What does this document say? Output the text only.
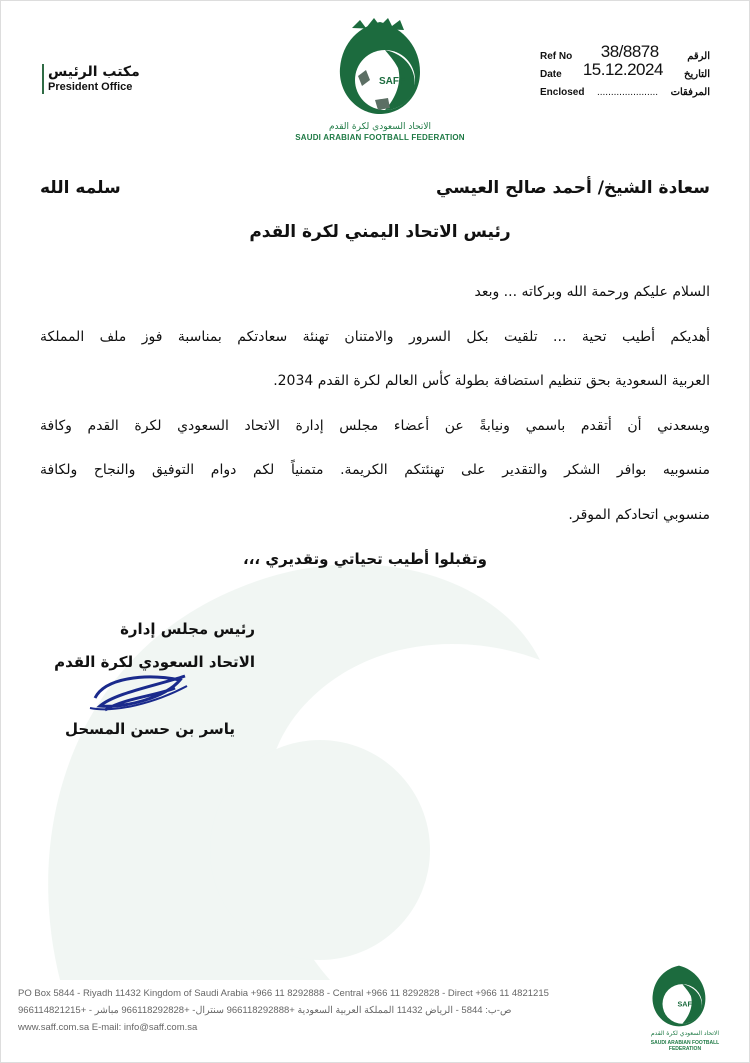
مكتب الرئيس
President Office	SAFF
الاتحاد السعودي لكرة القدم
SAUDI ARABIAN FOOTBALL FEDERATION
Ref No 38/8878	الرقم
Date 15.12.2024 التاريخ
Enclosed ...................... المرفقات
سعادة الشيخ/ أحمد صالح العيسي
سلمه الله
رئيس الاتحاد اليمني لكرة القدم
السلام عليكم ورحمة الله وبركاته ... وبعد
أهديكم أطيب تحية ... تلقيت بكل السرور والامتنان تهنئة سعادتكم بمناسبة فوز ملف المملكة
العربية السعودية بحق تنظيم استضافة بطولة كأس العالم لكرة القدم 2034.
ويسعدني أن أتقدم باسمي ونيابةً عن أعضاء مجلس إدارة الاتحاد السعودي لكرة القدم وكافة
منسوبيه بوافر الشكر والتقدير على تهنئتكم الكريمة. متمنياً لكم دوام التوفيق والنجاح ولكافة
منسوبي اتحادكم الموقر.
وتقبلوا أطيب تحياتي وتقديري ،،،
رئيس مجلس إدارة
الاتحاد السعودي لكرة القدم
ياسر بن حسن المسحل
PO Box 5844 - Riyadh 11432 Kingdom of Saudi Arabia +966 11 8292888 - Central +966 11 8292828 - Direct +966 11 4821215
ص-ب: 5844 - الرياض 11432 المملكة العربية السعودية +966118292888 سنترال- +966118292828 مباشر - +966114821215
www.saff.com.sa E-mail: info@saff.com.sa
SAFF
الاتحاد السعودي لكرة القدم
SAUDI ARABIAN FOOTBALL FEDERATION
